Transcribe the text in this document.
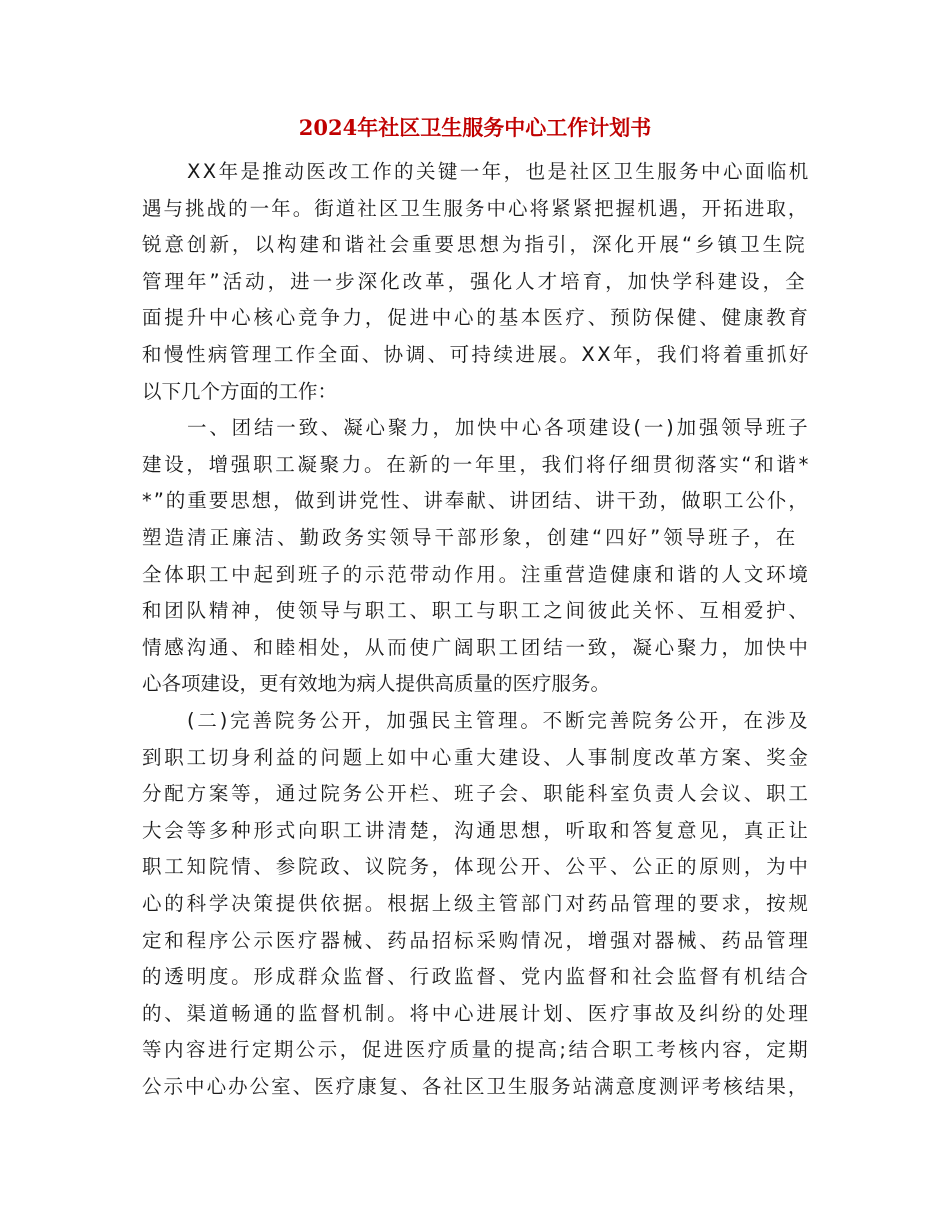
2024年社区卫生服务中心工作计划书
XX年是推动医改工作的关键一年，也是社区卫生服务中心面临机
遇与挑战的一年。街道社区卫生服务中心将紧紧把握机遇，开拓进取，
锐意创新，以构建和谐社会重要思想为指引，深化开展“乡镇卫生院
管理年”活动，进一步深化改革，强化人才培育，加快学科建设，全
面提升中心核心竞争力，促进中心的基本医疗、预防保健、健康教育
和慢性病管理工作全面、协调、可持续进展。XX年，我们将着重抓好
以下几个方面的工作：
一、团结一致、凝心聚力，加快中心各项建设(一)加强领导班子
建设，增强职工凝聚力。在新的一年里，我们将仔细贯彻落实“和谐*
*”的重要思想，做到讲党性、讲奉献、讲团结、讲干劲，做职工公仆，
塑造清正廉洁、勤政务实领导干部形象，创建“四好”领导班子，在
全体职工中起到班子的示范带动作用。注重营造健康和谐的人文环境
和团队精神，使领导与职工、职工与职工之间彼此关怀、互相爱护、
情感沟通、和睦相处，从而使广阔职工团结一致，凝心聚力，加快中
心各项建设，更有效地为病人提供高质量的医疗服务。
(二)完善院务公开，加强民主管理。不断完善院务公开，在涉及
到职工切身利益的问题上如中心重大建设、人事制度改革方案、奖金
分配方案等，通过院务公开栏、班子会、职能科室负责人会议、职工
大会等多种形式向职工讲清楚，沟通思想，听取和答复意见，真正让
职工知院情、参院政、议院务，体现公开、公平、公正的原则，为中
心的科学决策提供依据。根据上级主管部门对药品管理的要求，按规
定和程序公示医疗器械、药品招标采购情况，增强对器械、药品管理
的透明度。形成群众监督、行政监督、党内监督和社会监督有机结合
的、渠道畅通的监督机制。将中心进展计划、医疗事故及纠纷的处理
等内容进行定期公示，促进医疗质量的提高;结合职工考核内容，定期
公示中心办公室、医疗康复、各社区卫生服务站满意度测评考核结果，
